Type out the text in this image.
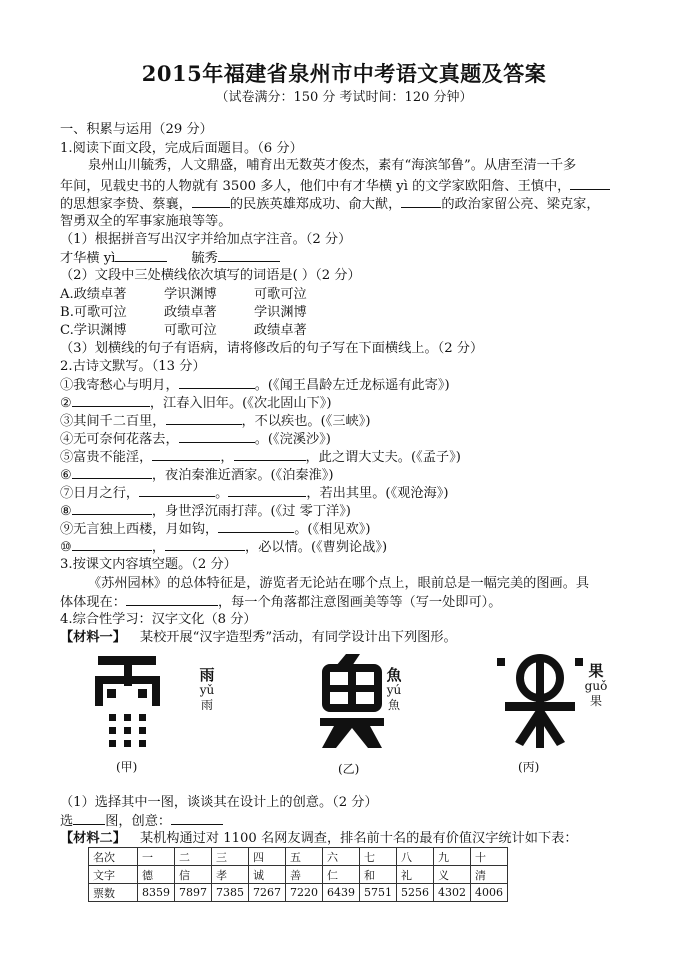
2015年福建省泉州市中考语文真题及答案
（试卷满分：150 分 考试时间：120 分钟）
一、积累与运用（29 分）
1.阅读下面文段，完成后面题目。（6 分）
泉州山川毓秀，人文鼎盛，哺育出无数英才俊杰，素有“海滨邹鲁”。从唐至清一千多
年间，见载史书的人物就有 3500 多人，他们中有才华横 yì 的文学家欧阳詹、王慎中，
的思想家李贽、蔡襄，	的民族英雄郑成功、俞大猷，	的政治家留公亮、梁克家，
智勇双全的军事家施琅等等。
（1）根据拼音写出汉字并给加点字注音。（2 分）
才华横 yì	毓秀
（2）文段中三处横线依次填写的词语是( ）（2 分）
A.政绩卓著	学识渊博	可歌可泣
B.可歌可泣	政绩卓著	学识渊博
C.学识渊博	可歌可泣	政绩卓著
（3）划横线的句子有语病，请将修改后的句子写在下面横线上。（2 分）
2.古诗文默写。（13 分）
①我寄愁心与明月，	。(《闻王昌龄左迁龙标遥有此寄》)
②	，江春入旧年。(《次北固山下》)
③其间千二百里，	，不以疾也。(《三峡》)
④无可奈何花落去，	。(《浣溪沙》)
⑤富贵不能淫，	，	，此之谓大丈夫。(《孟子》)
⑥	，夜泊秦淮近酒家。(《泊秦淮》)
⑦日月之行，	。	，若出其里。(《观沧海》)
⑧	，身世浮沉雨打萍。(《过 零丁洋》)
⑨无言独上西楼，月如钩，	。(《相见欢》)
⑩	，	，必以情。(《曹刿论战》)
3.按课文内容填空题。（2 分）
《苏州园林》的总体特征是，游览者无论站在哪个点上，眼前总是一幅完美的图画。具
体体现在：	，每一个角落都注意图画美等等（写一处即可）。
4.综合性学习：汉字文化（8 分）
【材料一】 某校开展“汉字造型秀”活动，有同学设计出下列图形。
雨
yǔ
雨
(甲)
魚
yú
魚
(乙)
果
guǒ
果
(丙)
（1）选择其中一图，谈谈其在设计上的创意。（2 分）
选 图，创意：
【材料二】 某机构通过对 1100 名网友调查，排名前十名的最有价值汉字统计如下表：
名次	一	二	三	四	五	六	七	八	九	十
文字	德	信	孝	诚	善	仁	和	礼	义	清
票数	8359	7897	7385	7267	7220	6439	5751	5256	4302	4006
